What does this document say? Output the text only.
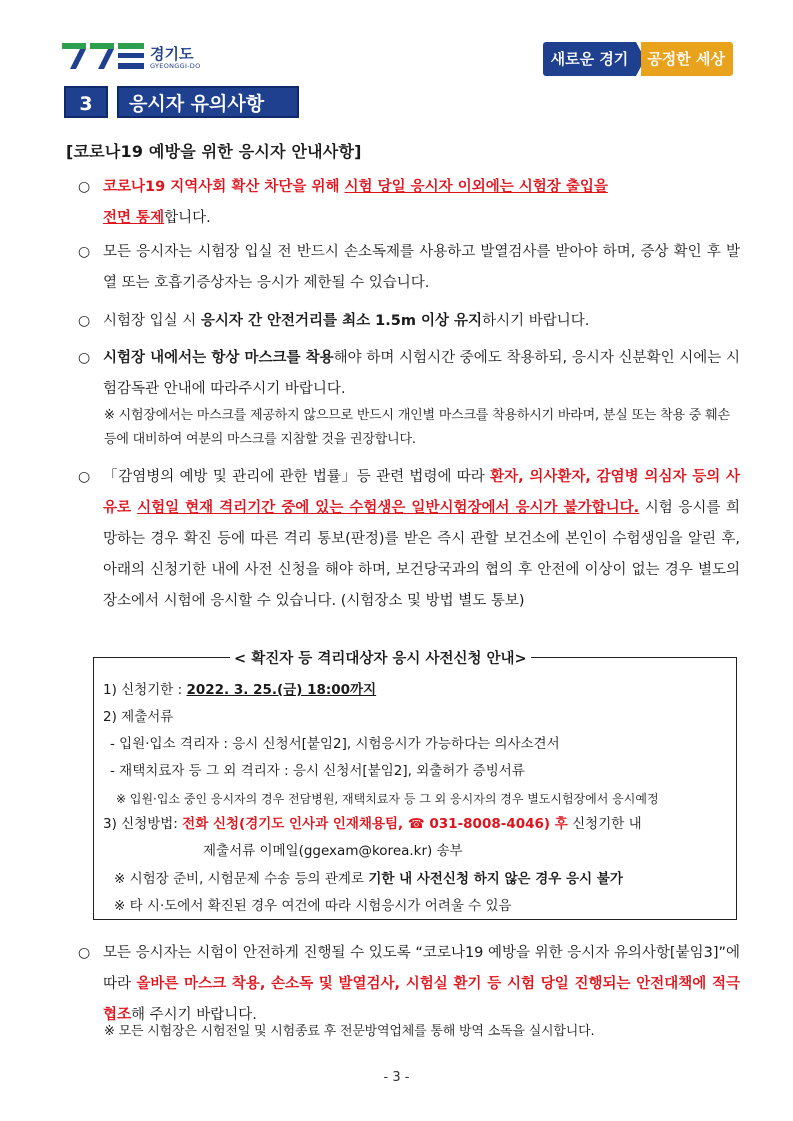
경기도
GYEONGGI-DO	새로운 경기	공정한 세상
3	응시자 유의사항
[코로나19 예방을 위한 응시자 안내사항]
○ 코로나19 지역사회 확산 차단을 위해 시험 당일 응시자 이외에는 시험장 출입을
전면 통제합니다.
○ 모든 응시자는 시험장 입실 전 반드시 손소독제를 사용하고 발열검사를 받아야 하며, 증상 확인 후 발열 또는 호흡기증상자는 응시가 제한될 수 있습니다.
○ 시험장 입실 시 응시자 간 안전거리를 최소 1.5m 이상 유지하시기 바랍니다.
○ 시험장 내에서는 항상 마스크를 착용해야 하며 시험시간 중에도 착용하되, 응시자 신분확인 시에는 시험감독관 안내에 따라주시기 바랍니다.
※ 시험장에서는 마스크를 제공하지 않으므로 반드시 개인별 마스크를 착용하시기 바라며, 분실 또는 착용 중 훼손 등에 대비하여 여분의 마스크를 지참할 것을 권장합니다.
○ 「감염병의 예방 및 관리에 관한 법률」등 관련 법령에 따라 환자, 의사환자, 감염병 의심자 등의 사유로 시험일 현재 격리기간 중에 있는 수험생은 일반시험장에서 응시가 불가합니다. 시험 응시를 희망하는 경우 확진 등에 따른 격리 통보(판정)를 받은 즉시 관할 보건소에 본인이 수험생임을 알린 후, 아래의 신청기한 내에 사전 신청을 해야 하며, 보건당국과의 협의 후 안전에 이상이 없는 경우 별도의 장소에서 시험에 응시할 수 있습니다. (시험장소 및 방법 별도 통보)
< 확진자 등 격리대상자 응시 사전신청 안내>
1) 신청기한 : 2022. 3. 25.(금) 18:00까지
2) 제출서류
- 입원·입소 격리자 : 응시 신청서[붙임2], 시험응시가 가능하다는 의사소견서
- 재택치료자 등 그 외 격리자 : 응시 신청서[붙임2], 외출허가 증빙서류
※ 입원·입소 중인 응시자의 경우 전담병원, 재택치료자 등 그 외 응시자의 경우 별도시험장에서 응시예정
3) 신청방법: 전화 신청(경기도 인사과 인재채용팀, ☎ 031-8008-4046) 후 신청기한 내
제출서류 이메일(ggexam@korea.kr) 송부
※ 시험장 준비, 시험문제 수송 등의 관계로 기한 내 사전신청 하지 않은 경우 응시 불가
※ 타 시·도에서 확진된 경우 여건에 따라 시험응시가 어려울 수 있음
○ 모든 응시자는 시험이 안전하게 진행될 수 있도록 “코로나19 예방을 위한 응시자 유의사항[붙임3]”에 따라 올바른 마스크 착용, 손소독 및 발열검사, 시험실 환기 등 시험 당일 진행되는 안전대책에 적극 협조해 주시기 바랍니다.
※ 모든 시험장은 시험전일 및 시험종료 후 전문방역업체를 통해 방역 소독을 실시합니다.
- 3 -
